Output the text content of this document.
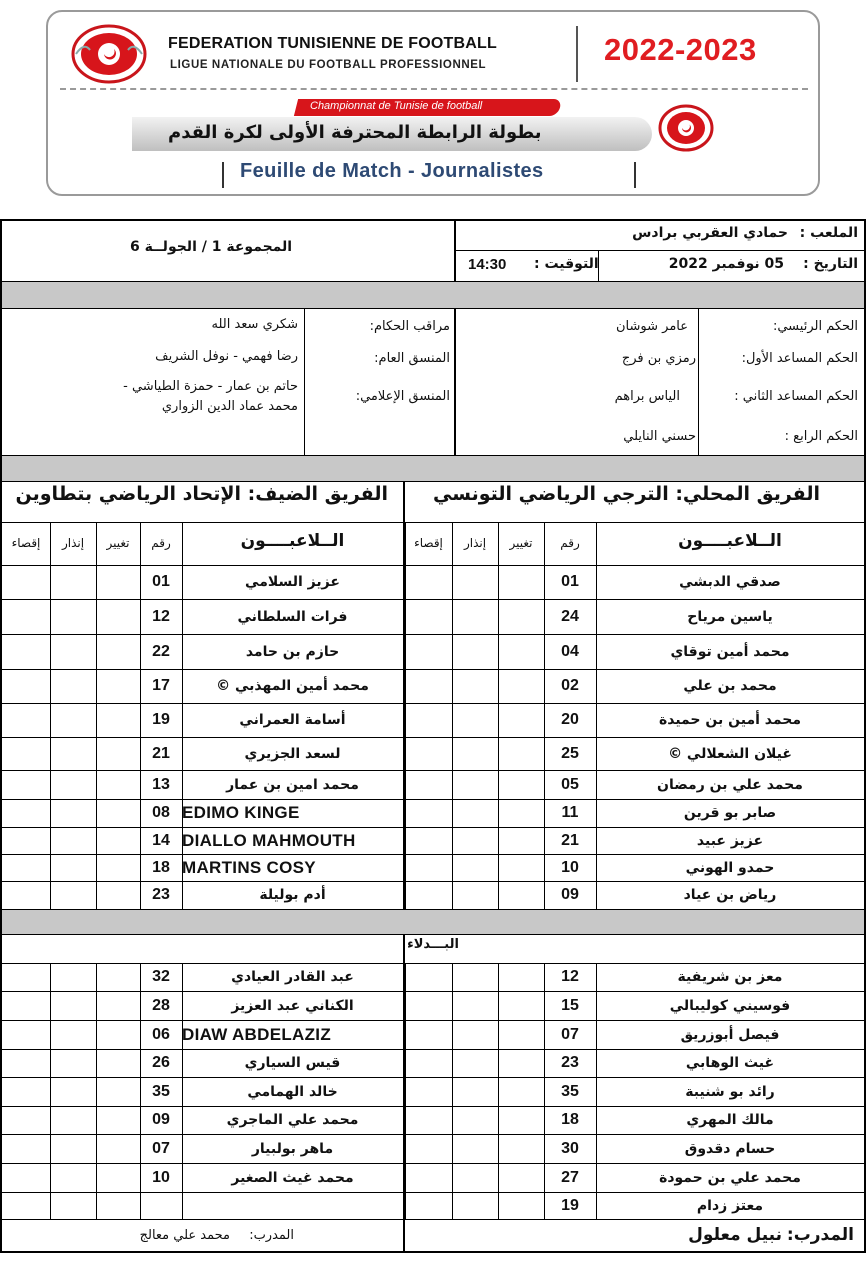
FEDERATION TUNISIENNE DE FOOTBALL
LIGUE NATIONALE DU FOOTBALL PROFESSIONNEL	2022-2023
Championnat de Tunisie de football
بطولة الرابطة المحترفة الأولى لكرة القدم
Feuille de Match - Journalistes
الملعب :
حمادي العقربي برادس
المجموعة 1 / الجولــة 6
التاريخ :
05 نوفمبر 2022
التوقيت :
14:30
الحكم الرئيسي:
عامر شوشان
الحكم المساعد الأول:
رمزي بن فرج
الحكم المساعد الثاني :
الياس براهم
الحكم الرابع :
حسني النايلي
مراقب الحكام:
شكري سعد الله
المنسق العام:
رضا فهمي - نوفل الشريف
المنسق الإعلامي:
حاتم بن عمار - حمزة الطياشي -
محمد عماد الدين الزواري
الفريق المحلي: الترجي الرياضي التونسي
الفريق الضيف: الإتحاد الرياضي بتطاوين
البـــدلاء
المدرب:
نبيل معلول
المدرب:
محمد علي معالج
الــلاعبــــون
رقم
تغيير
إنذار
إقصاء
الــلاعبــــون
رقم
تغيير
إنذار
إقصاء
صدقي الدبشي
01
ياسين مرياح
24
محمد أمين توقاي
04
محمد بن علي
02
محمد أمين بن حميدة
20
غيلان الشعلالي ©
25
محمد علي بن رمضان
05
صابر بو قرين
11
عزيز عبيد
21
حمدو الهوني
10
رياض بن عياد
09
عزيز السلامي
01
فرات السلطاني
12
حازم بن حامد
22
محمد أمين المهذبي ©
17
أسامة العمراني
19
لسعد الجزيري
21
محمد امين بن عمار
13
EDIMO KINGE
08
DIALLO MAHMOUTH
14
MARTINS COSY
18
أدم بوليلة
23
معز بن شريفية
12
فوسيني كوليبالي
15
فيصل أبوزريق
07
غيث الوهابي
23
رائد بو شنيبة
35
مالك المهري
18
حسام دقدوق
30
محمد علي بن حمودة
27
معتز زدام
19
عبد القادر العيادي
32
الكناني عبد العزيز
28
DIAW ABDELAZIZ
06
قيس السياري
26
خالد الهمامي
35
محمد علي الماجري
09
ماهر بولبيار
07
محمد غيث الصغير
10
